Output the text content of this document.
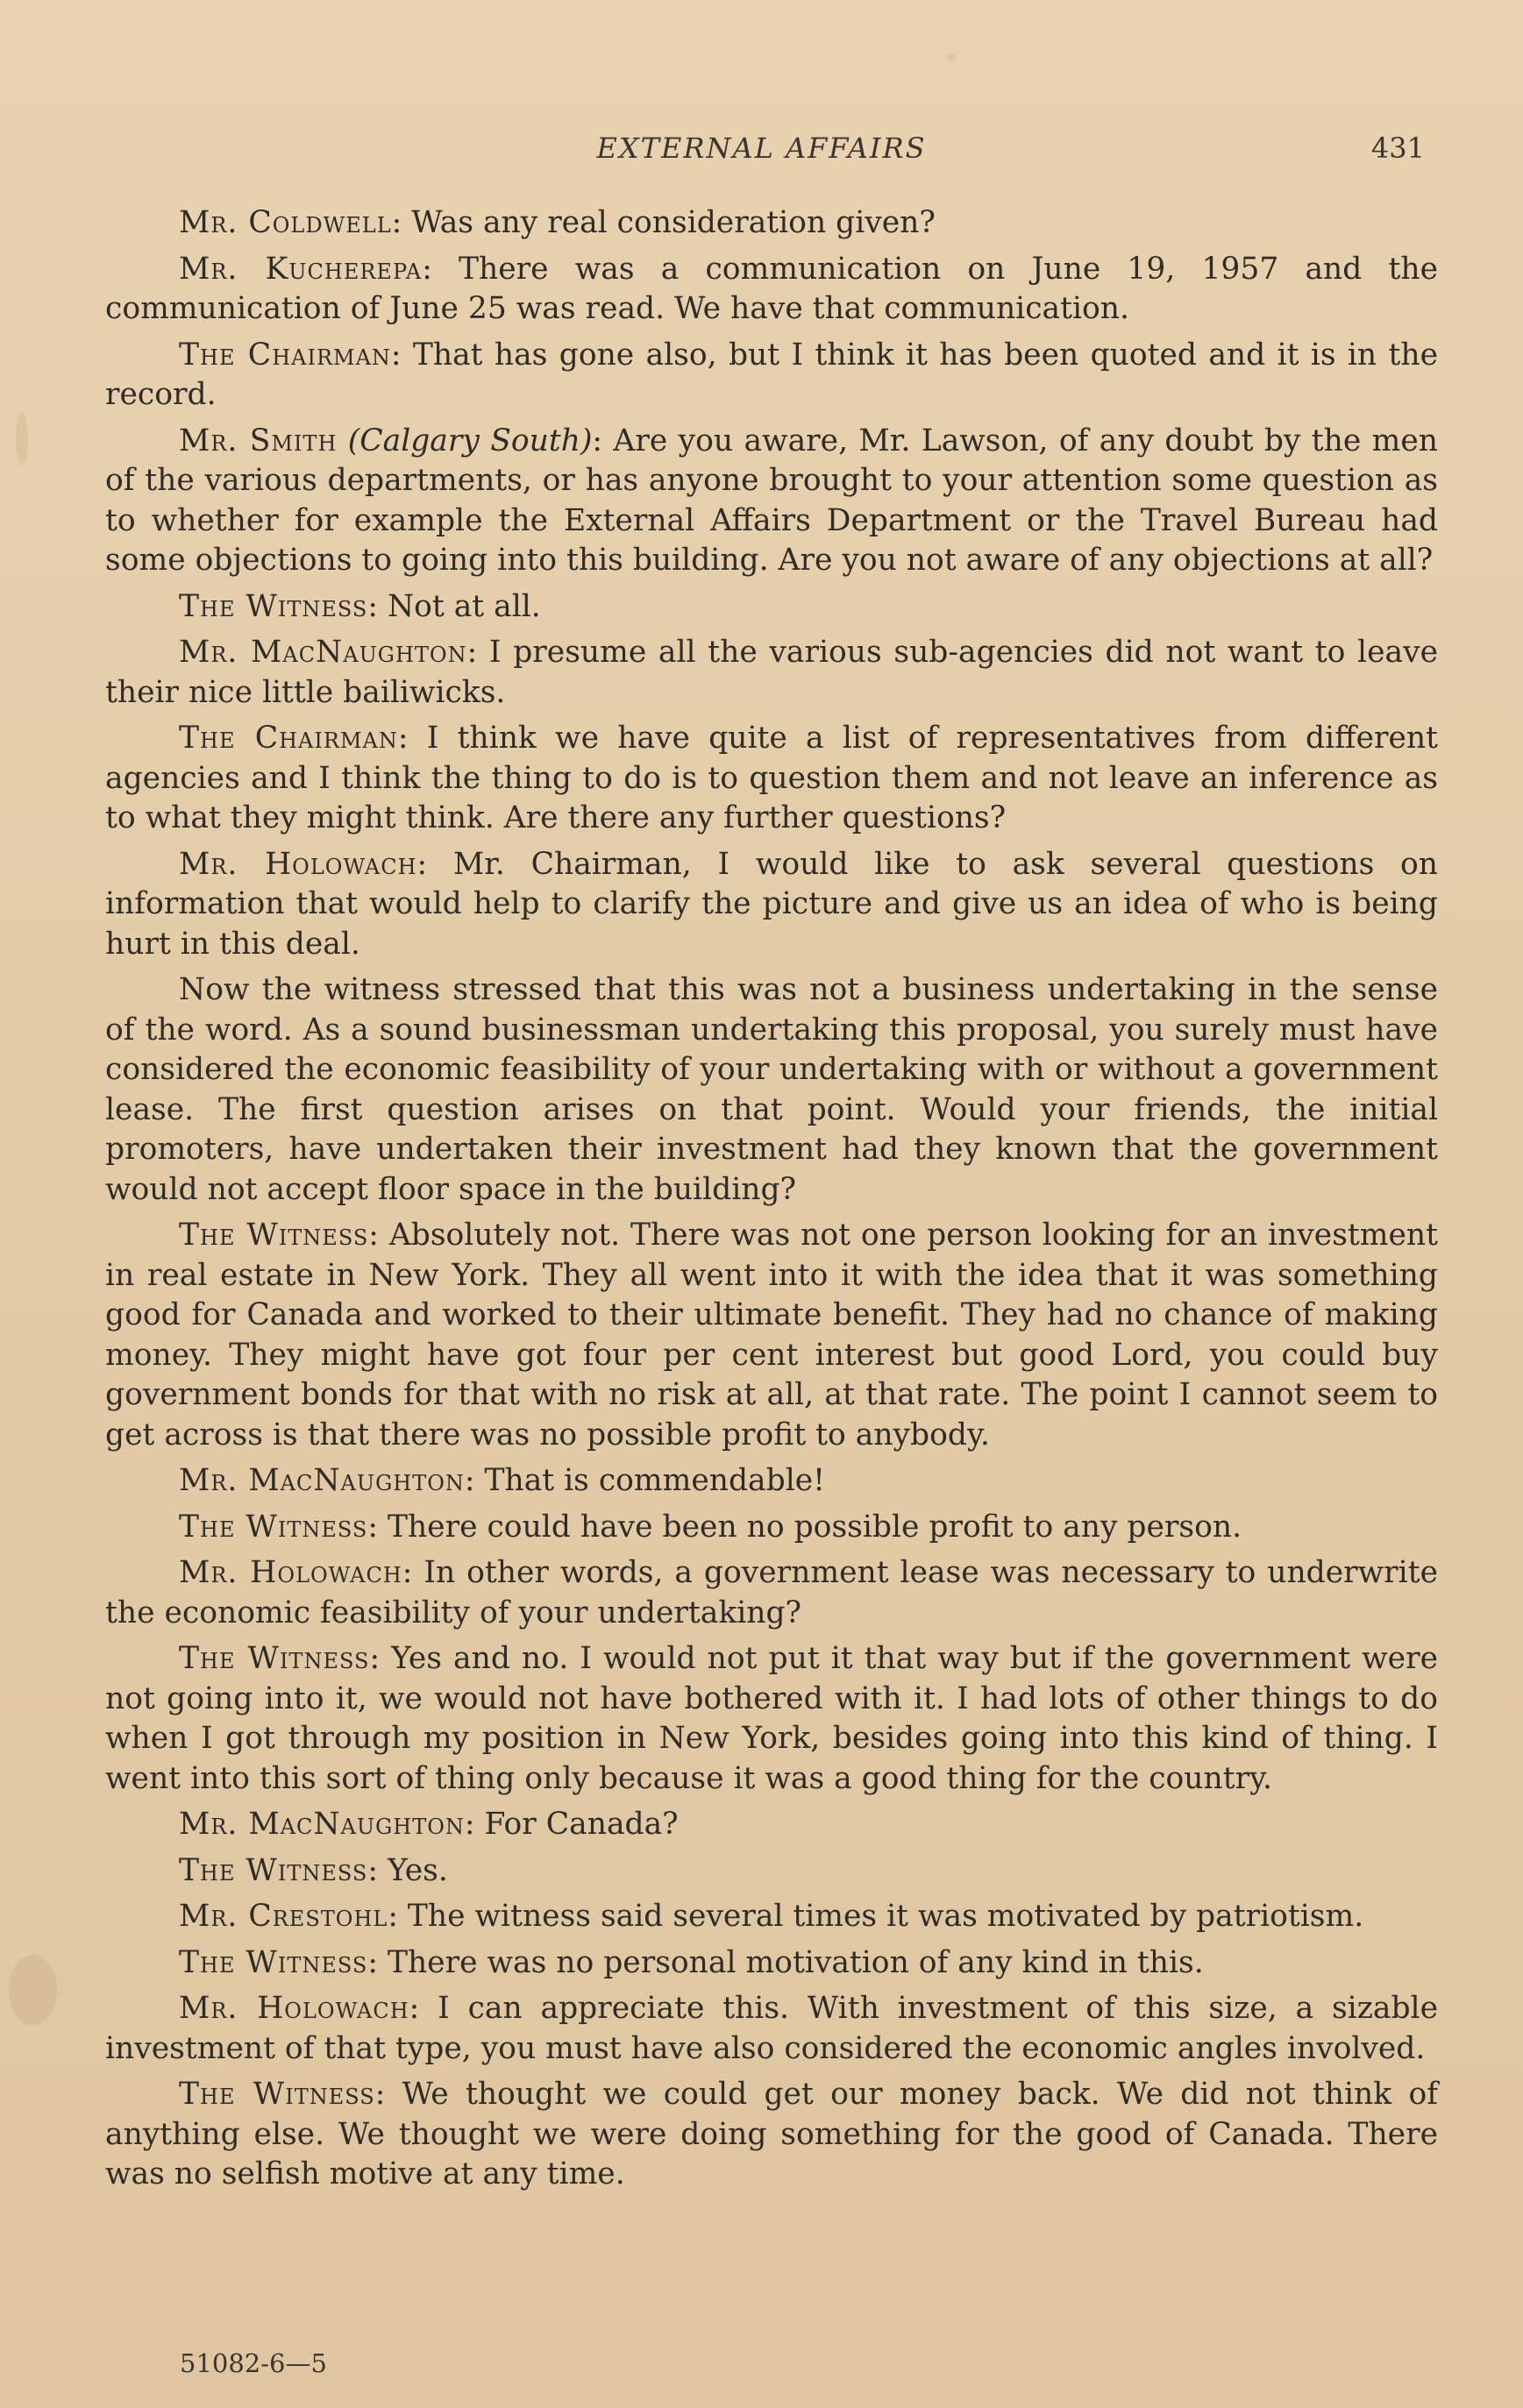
EXTERNAL AFFAIRS	431

Mr. Coldwell: Was any real consideration given?

Mr. Kucherepa: There was a communication on June 19, 1957 and the communication of June 25 was read. We have that communication.

The Chairman: That has gone also, but I think it has been quoted and it is in the record.

Mr. Smith (Calgary South): Are you aware, Mr. Lawson, of any doubt by the men of the various departments, or has anyone brought to your attention some question as to whether for example the External Affairs Department or the Travel Bureau had some objections to going into this building. Are you not aware of any objections at all?

The Witness: Not at all.

Mr. MacNaughton: I presume all the various sub-agencies did not want to leave their nice little bailiwicks.

The Chairman: I think we have quite a list of representatives from different agencies and I think the thing to do is to question them and not leave an inference as to what they might think. Are there any further questions?

Mr. Holowach: Mr. Chairman, I would like to ask several questions on information that would help to clarify the picture and give us an idea of who is being hurt in this deal.

Now the witness stressed that this was not a business undertaking in the sense of the word. As a sound businessman undertaking this proposal, you surely must have considered the economic feasibility of your undertaking with or without a government lease. The first question arises on that point. Would your friends, the initial promoters, have undertaken their investment had they known that the government would not accept floor space in the building?

The Witness: Absolutely not. There was not one person looking for an investment in real estate in New York. They all went into it with the idea that it was something good for Canada and worked to their ultimate benefit. They had no chance of making money. They might have got four per cent interest but good Lord, you could buy government bonds for that with no risk at all, at that rate. The point I cannot seem to get across is that there was no possible profit to anybody.

Mr. MacNaughton: That is commendable!

The Witness: There could have been no possible profit to any person.

Mr. Holowach: In other words, a government lease was necessary to underwrite the economic feasibility of your undertaking?

The Witness: Yes and no. I would not put it that way but if the government were not going into it, we would not have bothered with it. I had lots of other things to do when I got through my position in New York, besides going into this kind of thing. I went into this sort of thing only because it was a good thing for the country.

Mr. MacNaughton: For Canada?

The Witness: Yes.

Mr. Crestohl: The witness said several times it was motivated by patriotism.

The Witness: There was no personal motivation of any kind in this.

Mr. Holowach: I can appreciate this. With investment of this size, a sizable investment of that type, you must have also considered the economic angles involved.

The Witness: We thought we could get our money back. We did not think of anything else. We thought we were doing something for the good of Canada. There was no selfish motive at any time.

51082-6—5
